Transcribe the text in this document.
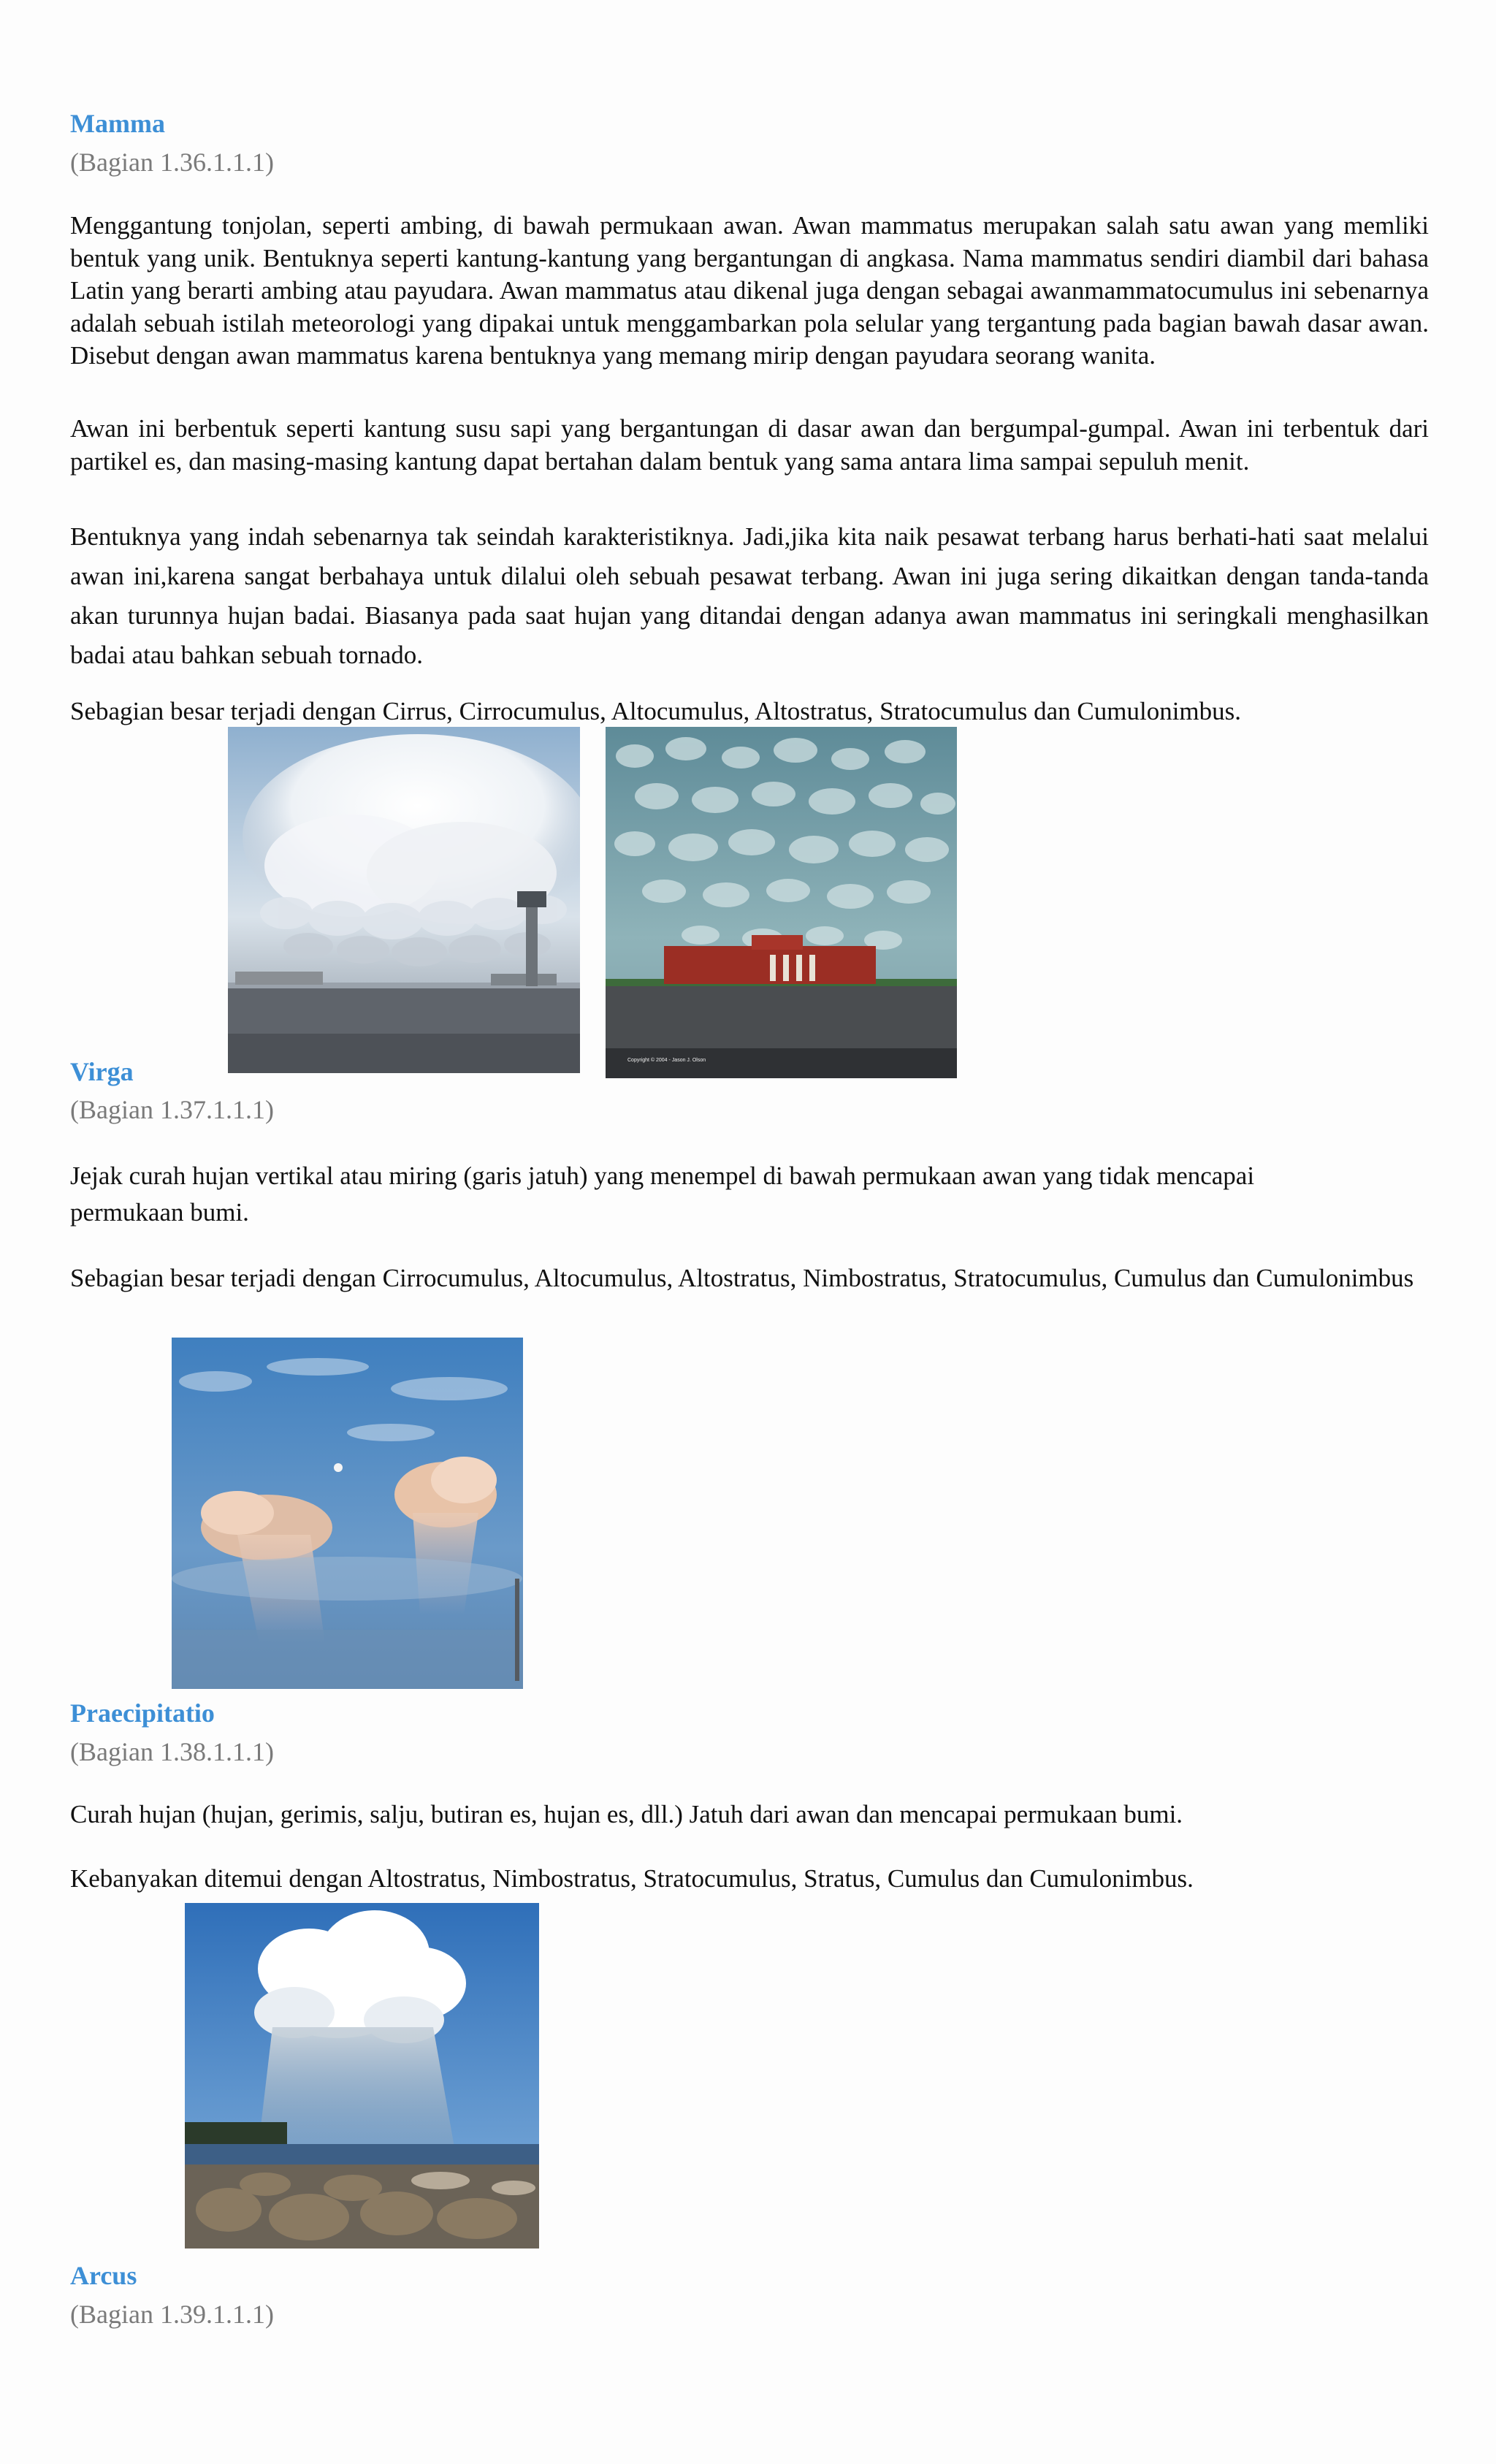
Mamma
(Bagian 1.36.1.1.1)
Menggantung tonjolan, seperti ambing, di bawah permukaan awan. Awan mammatus merupakan salah satu awan yang memliki bentuk yang unik. Bentuknya seperti kantung-kantung yang bergantungan di angkasa. Nama mammatus sendiri diambil dari bahasa Latin yang berarti ambing atau payudara. Awan mammatus atau dikenal juga dengan sebagai awanmammatocumulus ini sebenarnya adalah sebuah istilah meteorologi yang dipakai untuk menggambarkan pola selular yang tergantung pada bagian bawah dasar awan. Disebut dengan awan mammatus karena bentuknya yang memang mirip dengan payudara seorang wanita.
Awan ini berbentuk seperti kantung susu sapi yang bergantungan di dasar awan dan bergumpal-gumpal. Awan ini terbentuk dari partikel es, dan masing-masing kantung dapat bertahan dalam bentuk yang sama antara lima sampai sepuluh menit.
Bentuknya yang indah sebenarnya tak seindah karakteristiknya. Jadi,jika kita naik pesawat terbang harus berhati-hati saat melalui awan ini,karena sangat berbahaya untuk dilalui oleh sebuah pesawat terbang. Awan ini juga sering dikaitkan dengan tanda-tanda akan turunnya hujan badai. Biasanya pada saat hujan yang ditandai dengan adanya awan mammatus ini seringkali menghasilkan badai atau bahkan sebuah tornado.
Sebagian besar terjadi dengan Cirrus, Cirrocumulus, Altocumulus, Altostratus, Stratocumulus dan Cumulonimbus.
Copyright © 2004 - Jason J. Olson
Virga
(Bagian 1.37.1.1.1)
Jejak curah hujan vertikal atau miring (garis jatuh) yang menempel di bawah permukaan awan yang tidak mencapai permukaan bumi.
Sebagian besar terjadi dengan Cirrocumulus, Altocumulus, Altostratus, Nimbostratus, Stratocumulus, Cumulus dan Cumulonimbus
Praecipitatio
(Bagian 1.38.1.1.1)
Curah hujan (hujan, gerimis, salju, butiran es, hujan es, dll.) Jatuh dari awan dan mencapai permukaan bumi.
Kebanyakan ditemui dengan Altostratus, Nimbostratus, Stratocumulus, Stratus, Cumulus dan Cumulonimbus.
Arcus
(Bagian 1.39.1.1.1)
